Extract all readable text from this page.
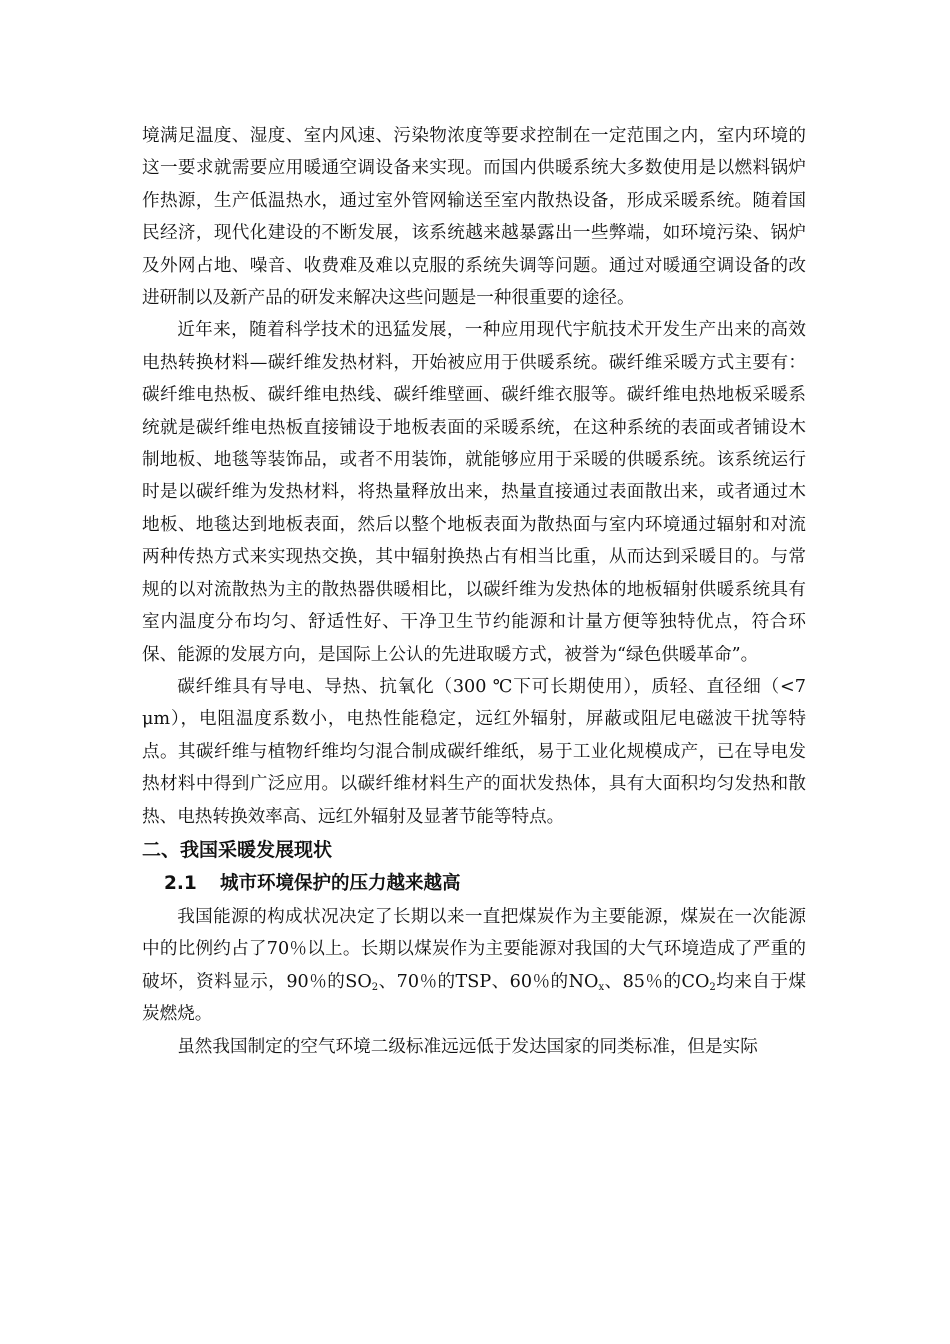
境满足温度、湿度、室内风速、污染物浓度等要求控制在一定范围之内，室内环境的这一要求就需要应用暖通空调设备来实现。而国内供暖系统大多数使用是以燃料锅炉作热源，生产低温热水，通过室外管网输送至室内散热设备，形成采暖系统。随着国民经济，现代化建设的不断发展，该系统越来越暴露出一些弊端，如环境污染、锅炉及外网占地、噪音、收费难及难以克服的系统失调等问题。通过对暖通空调设备的改进研制以及新产品的研发来解决这些问题是一种很重要的途径。

近年来，随着科学技术的迅猛发展，一种应用现代宇航技术开发生产出来的高效电热转换材料—碳纤维发热材料，开始被应用于供暖系统。碳纤维采暖方式主要有：碳纤维电热板、碳纤维电热线、碳纤维壁画、碳纤维衣服等。碳纤维电热地板采暖系统就是碳纤维电热板直接铺设于地板表面的采暖系统，在这种系统的表面或者铺设木制地板、地毯等装饰品，或者不用装饰，就能够应用于采暖的供暖系统。该系统运行时是以碳纤维为发热材料，将热量释放出来，热量直接通过表面散出来，或者通过木地板、地毯达到地板表面，然后以整个地板表面为散热面与室内环境通过辐射和对流两种传热方式来实现热交换，其中辐射换热占有相当比重，从而达到采暖目的。与常规的以对流散热为主的散热器供暖相比，以碳纤维为发热体的地板辐射供暖系统具有室内温度分布均匀、舒适性好、干净卫生节约能源和计量方便等独特优点，符合环保、能源的发展方向，是国际上公认的先进取暖方式，被誉为“绿色供暖革命”。

碳纤维具有导电、导热、抗氧化（300 ℃下可长期使用），质轻、直径细（<7 μm），电阻温度系数小，电热性能稳定，远红外辐射，屏蔽或阻尼电磁波干扰等特点。其碳纤维与植物纤维均匀混合制成碳纤维纸，易于工业化规模成产，已在导电发热材料中得到广泛应用。以碳纤维材料生产的面状发热体，具有大面积均匀发热和散热、电热转换效率高、远红外辐射及显著节能等特点。

二、我国采暖发展现状
2.1 城市环境保护的压力越来越高

我国能源的构成状况决定了长期以来一直把煤炭作为主要能源，煤炭在一次能源中的比例约占了70％以上。长期以煤炭作为主要能源对我国的大气环境造成了严重的破坏，资料显示，90％的$SO_2$、70％的TSP、60％的$NO_x$、85％的$CO_2$均来自于煤炭燃烧。

虽然我国制定的空气环境二级标准远远低于发达国家的同类标准，但是实际
